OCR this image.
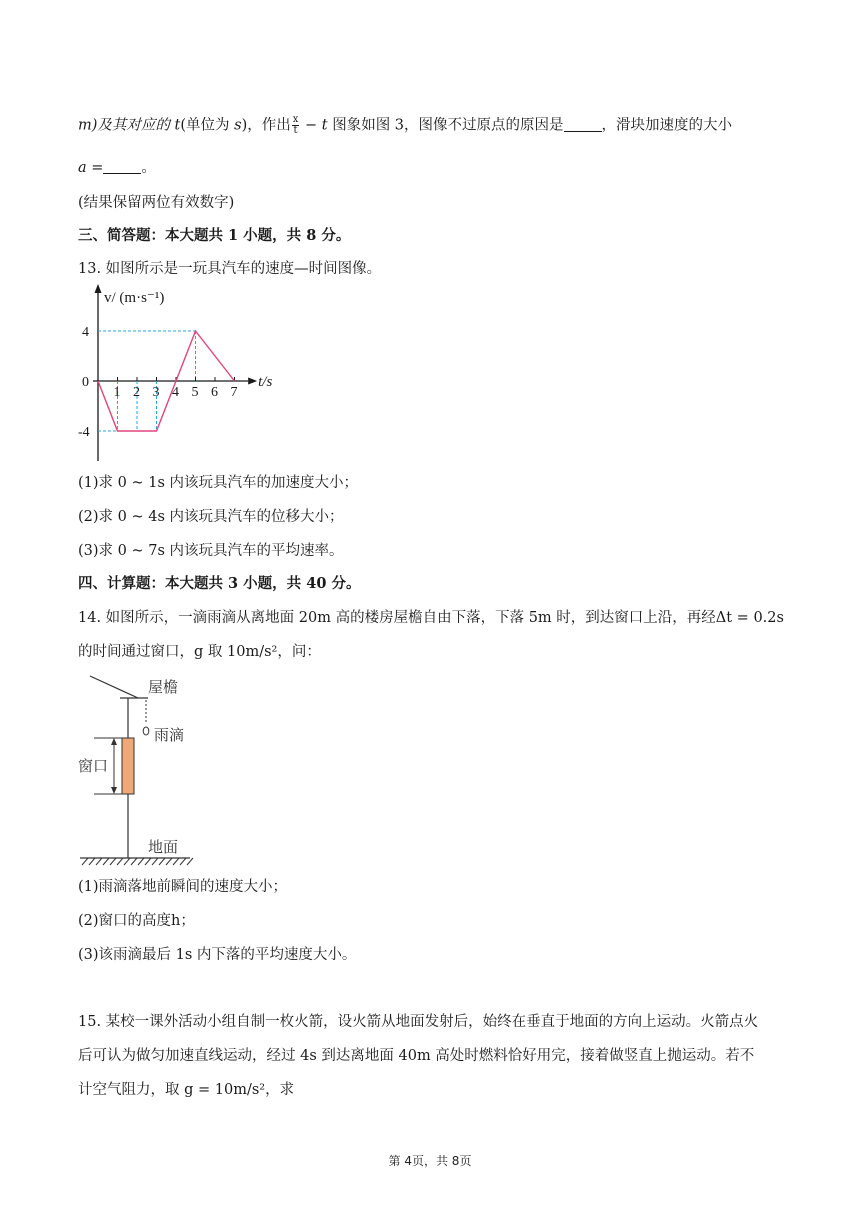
m)及其对应的 t(单位为 s)，作出 $\frac{x}{t} - t$ 图象如图 3，图像不过原点的原因是	，滑块加速度的大小
a =	。
(结果保留两位有效数字)
三、简答题：本大题共 1 小题，共 8 分。
13. 如图所示是一玩具汽车的速度—时间图像。
1 2 3 4 5 6 7
0
4
-4
v/ (m·s⁻¹)
t/s
(1)求 0 ~ 1s 内该玩具汽车的加速度大小；
(2)求 0 ~ 4s 内该玩具汽车的位移大小；
(3)求 0 ~ 7s 内该玩具汽车的平均速率。
四、计算题：本大题共 3 小题，共 40 分。
14. 如图所示，一滴雨滴从离地面 20m 高的楼房屋檐自由下落，下落 5m 时，到达窗口上沿，再经Δt = 0.2s
的时间通过窗口，g 取 10m/s²，问：
屋檐
雨滴
窗口
地面
(1)雨滴落地前瞬间的速度大小；
(2)窗口的高度h；
(3)该雨滴最后 1s 内下落的平均速度大小。
15. 某校一课外活动小组自制一枚火箭，设火箭从地面发射后，始终在垂直于地面的方向上运动。火箭点火
后可认为做匀加速直线运动，经过 4s 到达离地面 40m 高处时燃料恰好用完，接着做竖直上抛运动。若不
计空气阻力，取 g = 10m/s²，求
第 4页，共 8页
